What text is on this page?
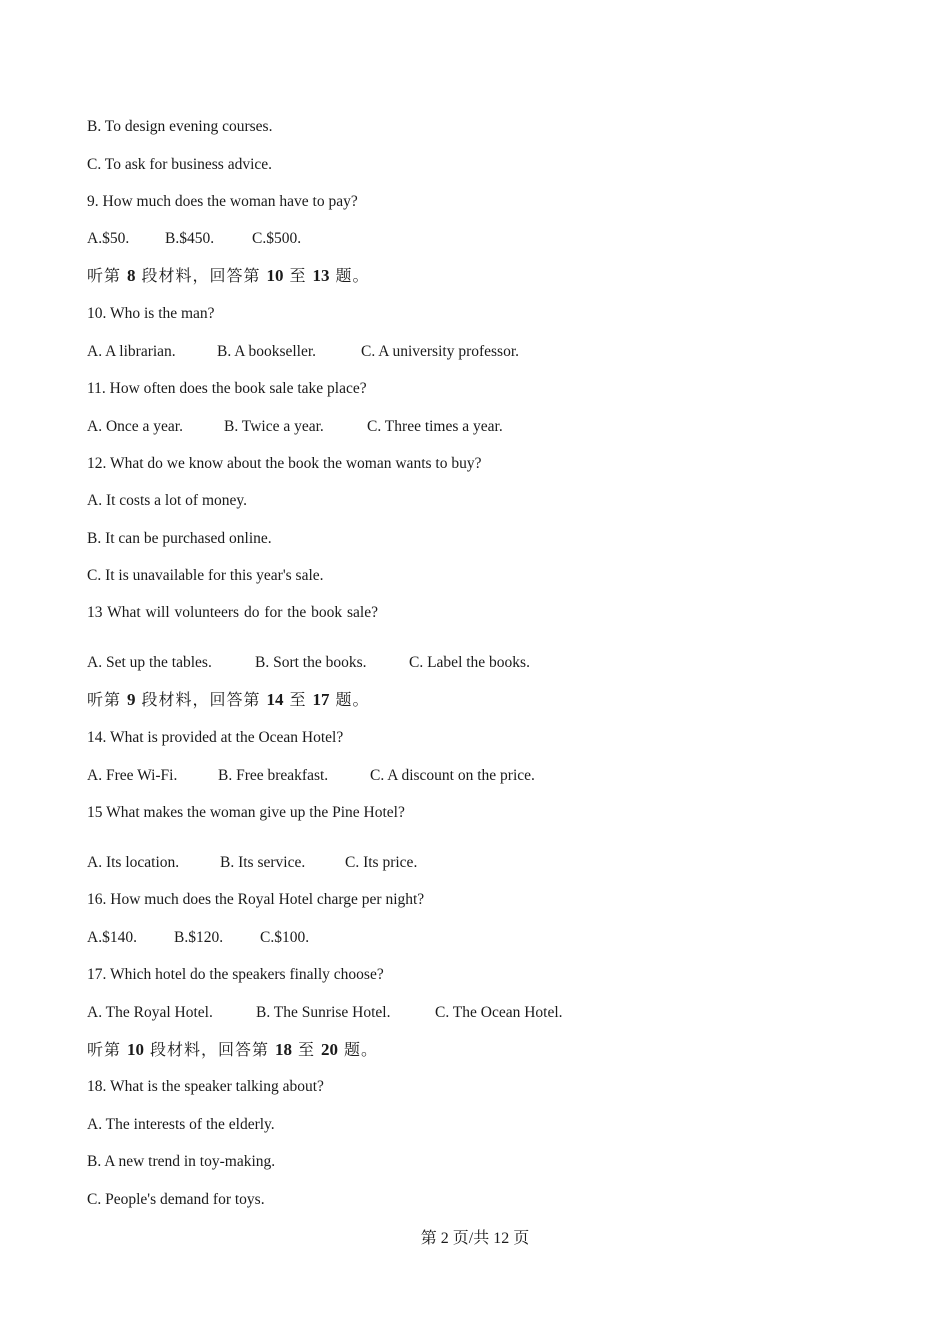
B. To design evening courses.
C. To ask for business advice.
9. How much does the woman have to pay?
A.$50. B.$450. C.$500.
听第 8 段材料，回答第 10 至 13 题。
10. Who is the man?
A. A librarian.	B. A bookseller.	C. A university professor.
11. How often does the book sale take place?
A. Once a year.	B. Twice a year.	C. Three times a year.
12. What do we know about the book the woman wants to buy?
A. It costs a lot of money.
B. It can be purchased online.
C. It is unavailable for this year's sale.
13 What will volunteers do for the book sale?
A. Set up the tables.	B. Sort the books.	C. Label the books.
听第 9 段材料，回答第 14 至 17 题。
14. What is provided at the Ocean Hotel?
A. Free Wi-Fi.	B. Free breakfast.	C. A discount on the price.
15 What makes the woman give up the Pine Hotel?
A. Its location.	B. Its service.	C. Its price.
16. How much does the Royal Hotel charge per night?
A.$140. B.$120. C.$100.
17. Which hotel do the speakers finally choose?
A. The Royal Hotel.	B. The Sunrise Hotel.	C. The Ocean Hotel.
听第 10 段材料，回答第 18 至 20 题。
18. What is the speaker talking about?
A. The interests of the elderly.
B. A new trend in toy-making.
C. People's demand for toys.
第 2 页/共 12 页
